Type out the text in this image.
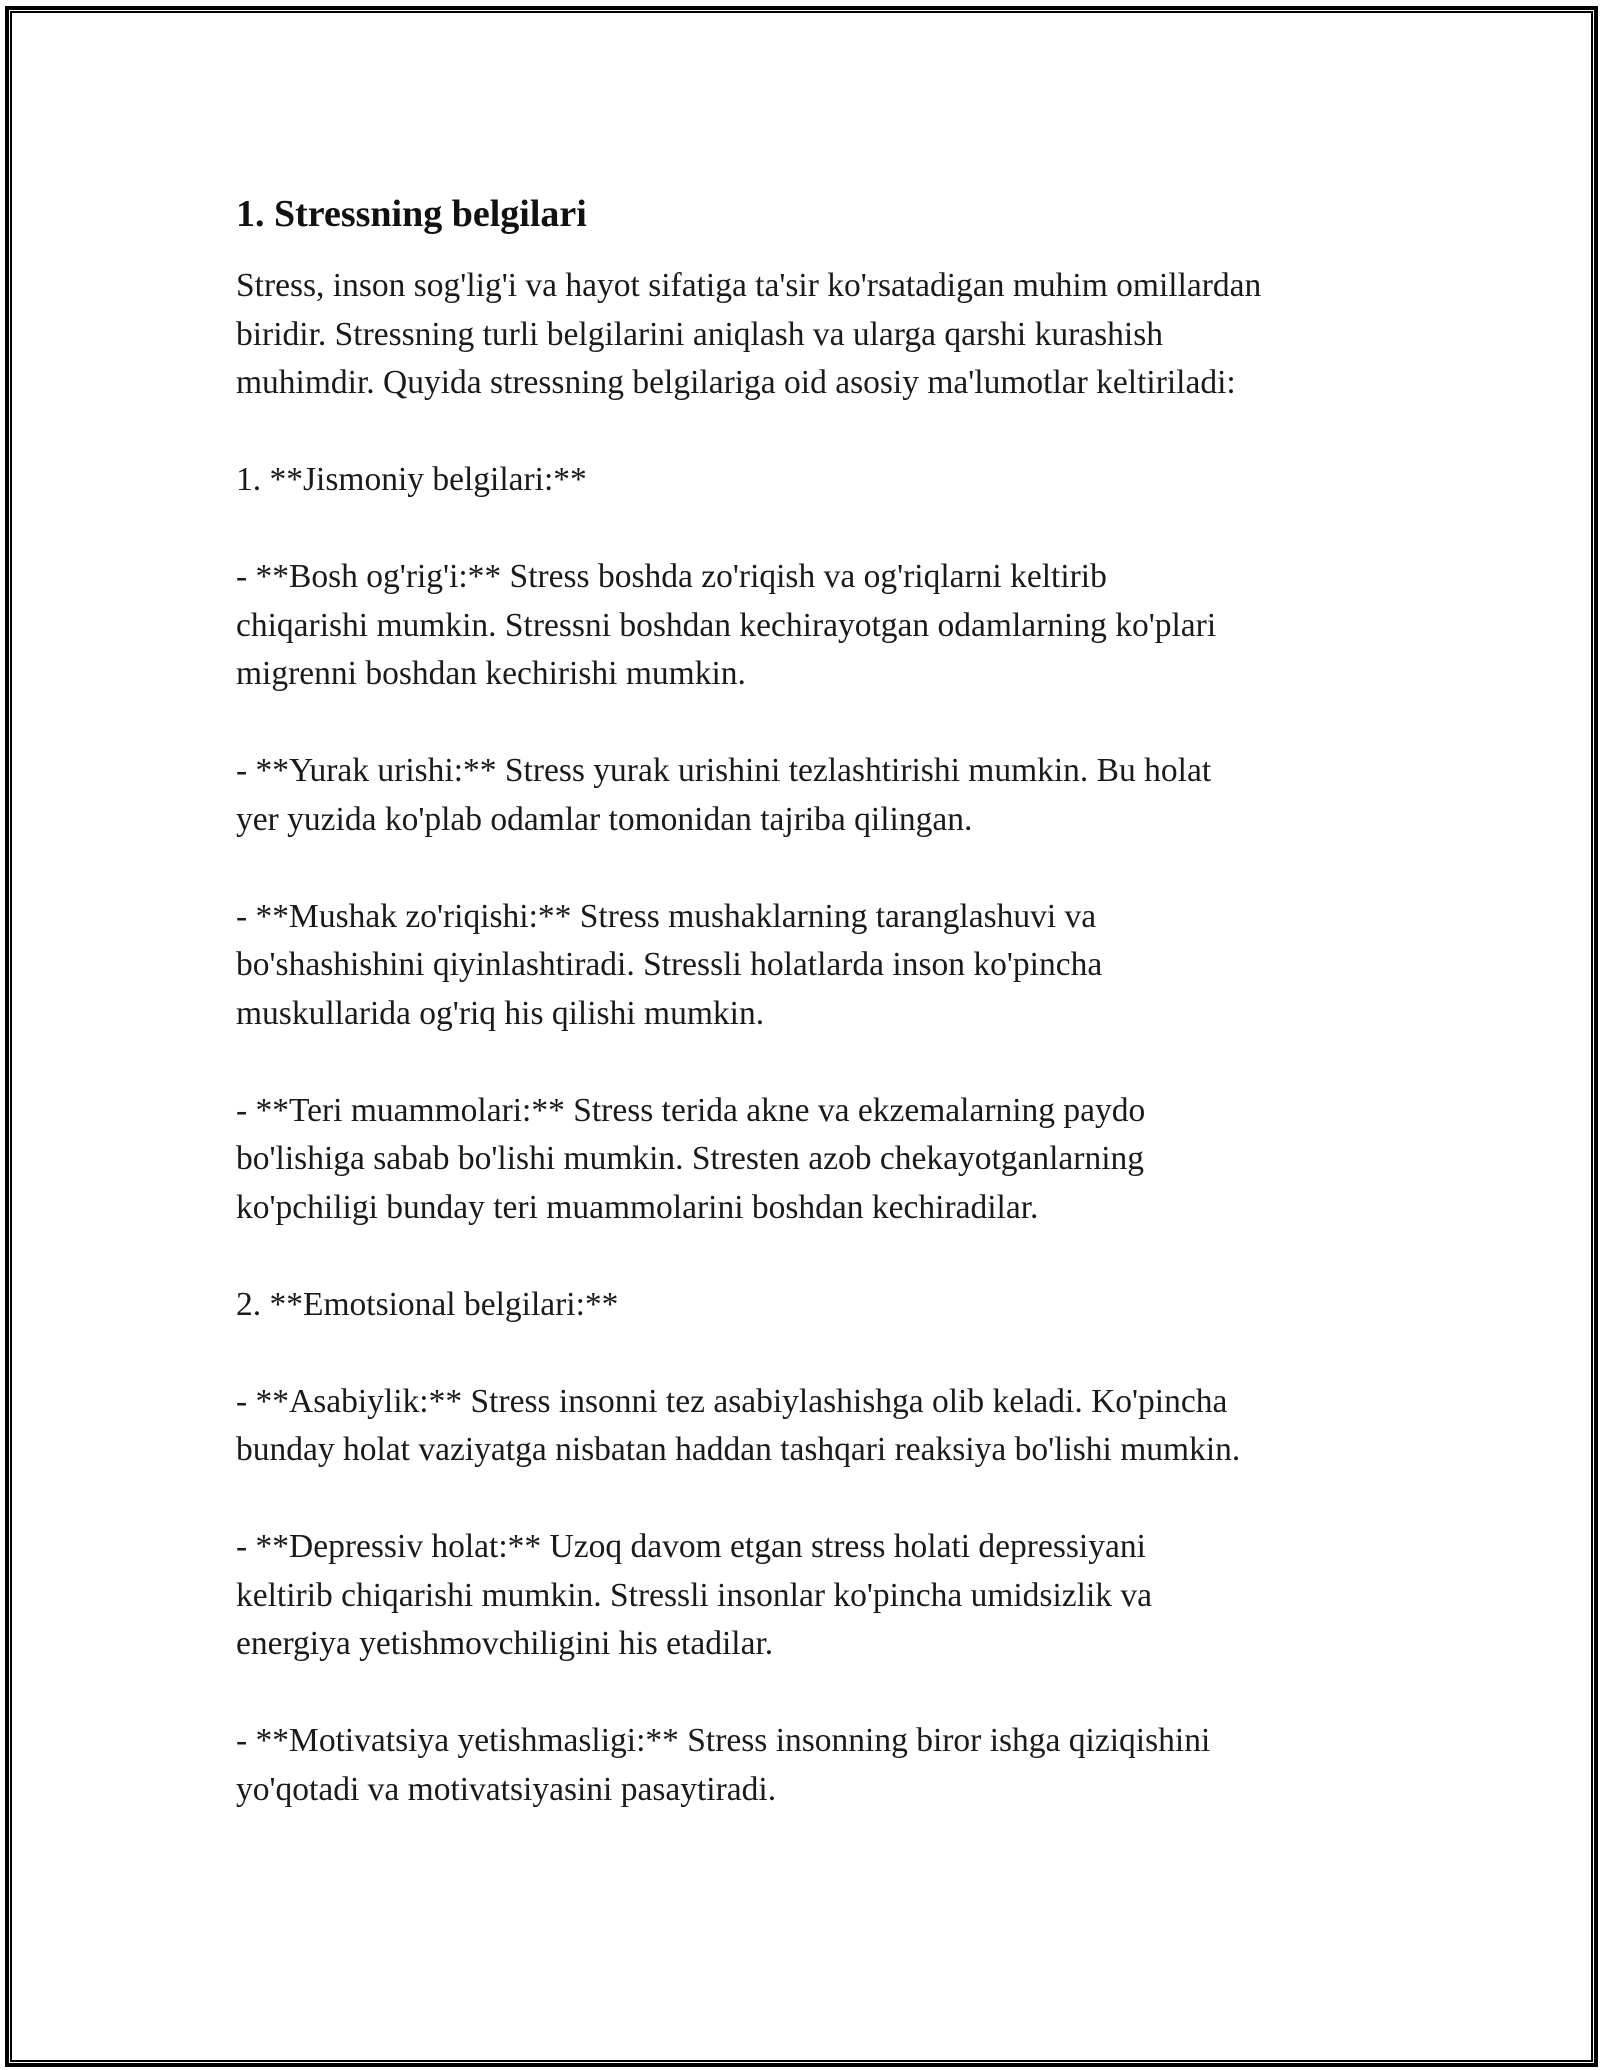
1. Stressning belgilari

Stress, inson sog'lig'i va hayot sifatiga ta'sir ko'rsatadigan muhim omillardan
biridir. Stressning turli belgilarini aniqlash va ularga qarshi kurashish
muhimdir. Quyida stressning belgilariga oid asosiy ma'lumotlar keltiriladi:

1. **Jismoniy belgilari:**

- **Bosh og'rig'i:** Stress boshda zo'riqish va og'riqlarni keltirib
chiqarishi mumkin. Stressni boshdan kechirayotgan odamlarning ko'plari
migrenni boshdan kechirishi mumkin.

- **Yurak urishi:** Stress yurak urishini tezlashtirishi mumkin. Bu holat
yer yuzida ko'plab odamlar tomonidan tajriba qilingan.

- **Mushak zo'riqishi:** Stress mushaklarning taranglashuvi va
bo'shashishini qiyinlashtiradi. Stressli holatlarda inson ko'pincha
muskullarida og'riq his qilishi mumkin.

- **Teri muammolari:** Stress terida akne va ekzemalarning paydo
bo'lishiga sabab bo'lishi mumkin. Stresten azob chekayotganlarning
ko'pchiligi bunday teri muammolarini boshdan kechiradilar.

2. **Emotsional belgilari:**

- **Asabiylik:** Stress insonni tez asabiylashishga olib keladi. Ko'pincha
bunday holat vaziyatga nisbatan haddan tashqari reaksiya bo'lishi mumkin.

- **Depressiv holat:** Uzoq davom etgan stress holati depressiyani
keltirib chiqarishi mumkin. Stressli insonlar ko'pincha umidsizlik va
energiya yetishmovchiligini his etadilar.

- **Motivatsiya yetishmasligi:** Stress insonning biror ishga qiziqishini
yo'qotadi va motivatsiyasini pasaytiradi.
